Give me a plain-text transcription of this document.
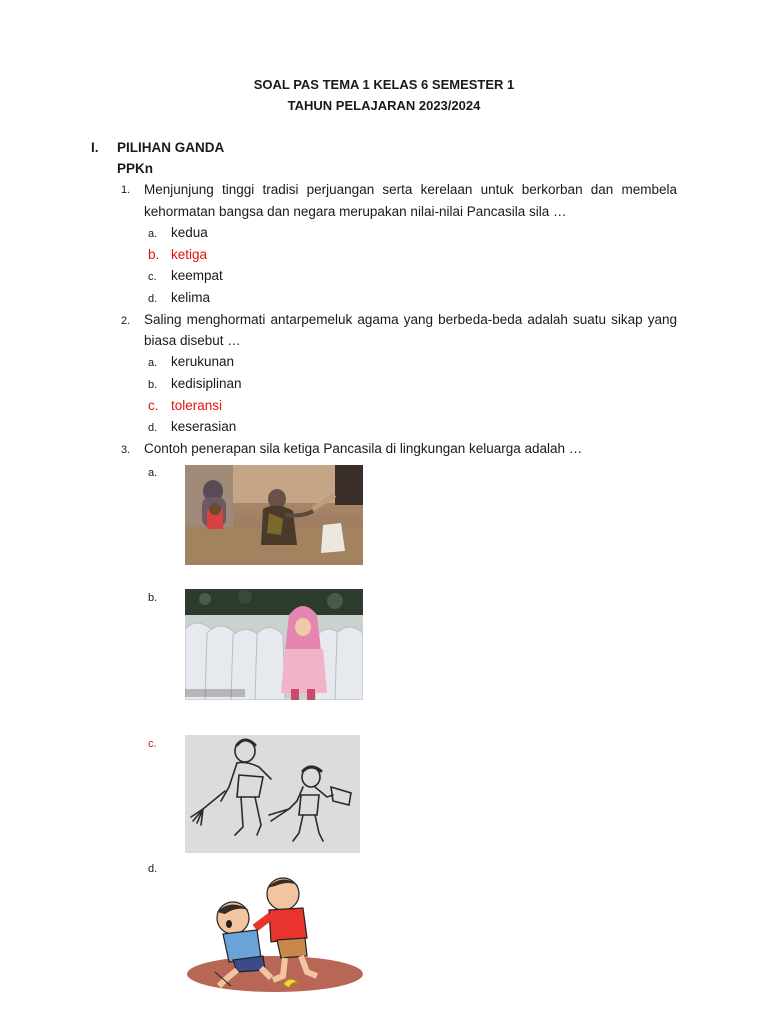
SOAL PAS TEMA 1 KELAS 6 SEMESTER 1
TAHUN PELAJARAN 2023/2024
I. PILIHAN GANDA
PPKn
1. Menjunjung tinggi tradisi perjuangan serta kerelaan untuk berkorban dan membela
kehormatan bangsa dan negara merupakan nilai-nilai Pancasila sila …
a. kedua
b. ketiga
c. keempat
d. kelima
2. Saling menghormati antarpemeluk agama yang berbeda-beda adalah suatu sikap yang
biasa disebut …
a. kerukunan
b. kedisiplinan
c. toleransi
d. keserasian
3. Contoh penerapan sila ketiga Pancasila di lingkungan keluarga adalah …
a.
b.
c.
d.
